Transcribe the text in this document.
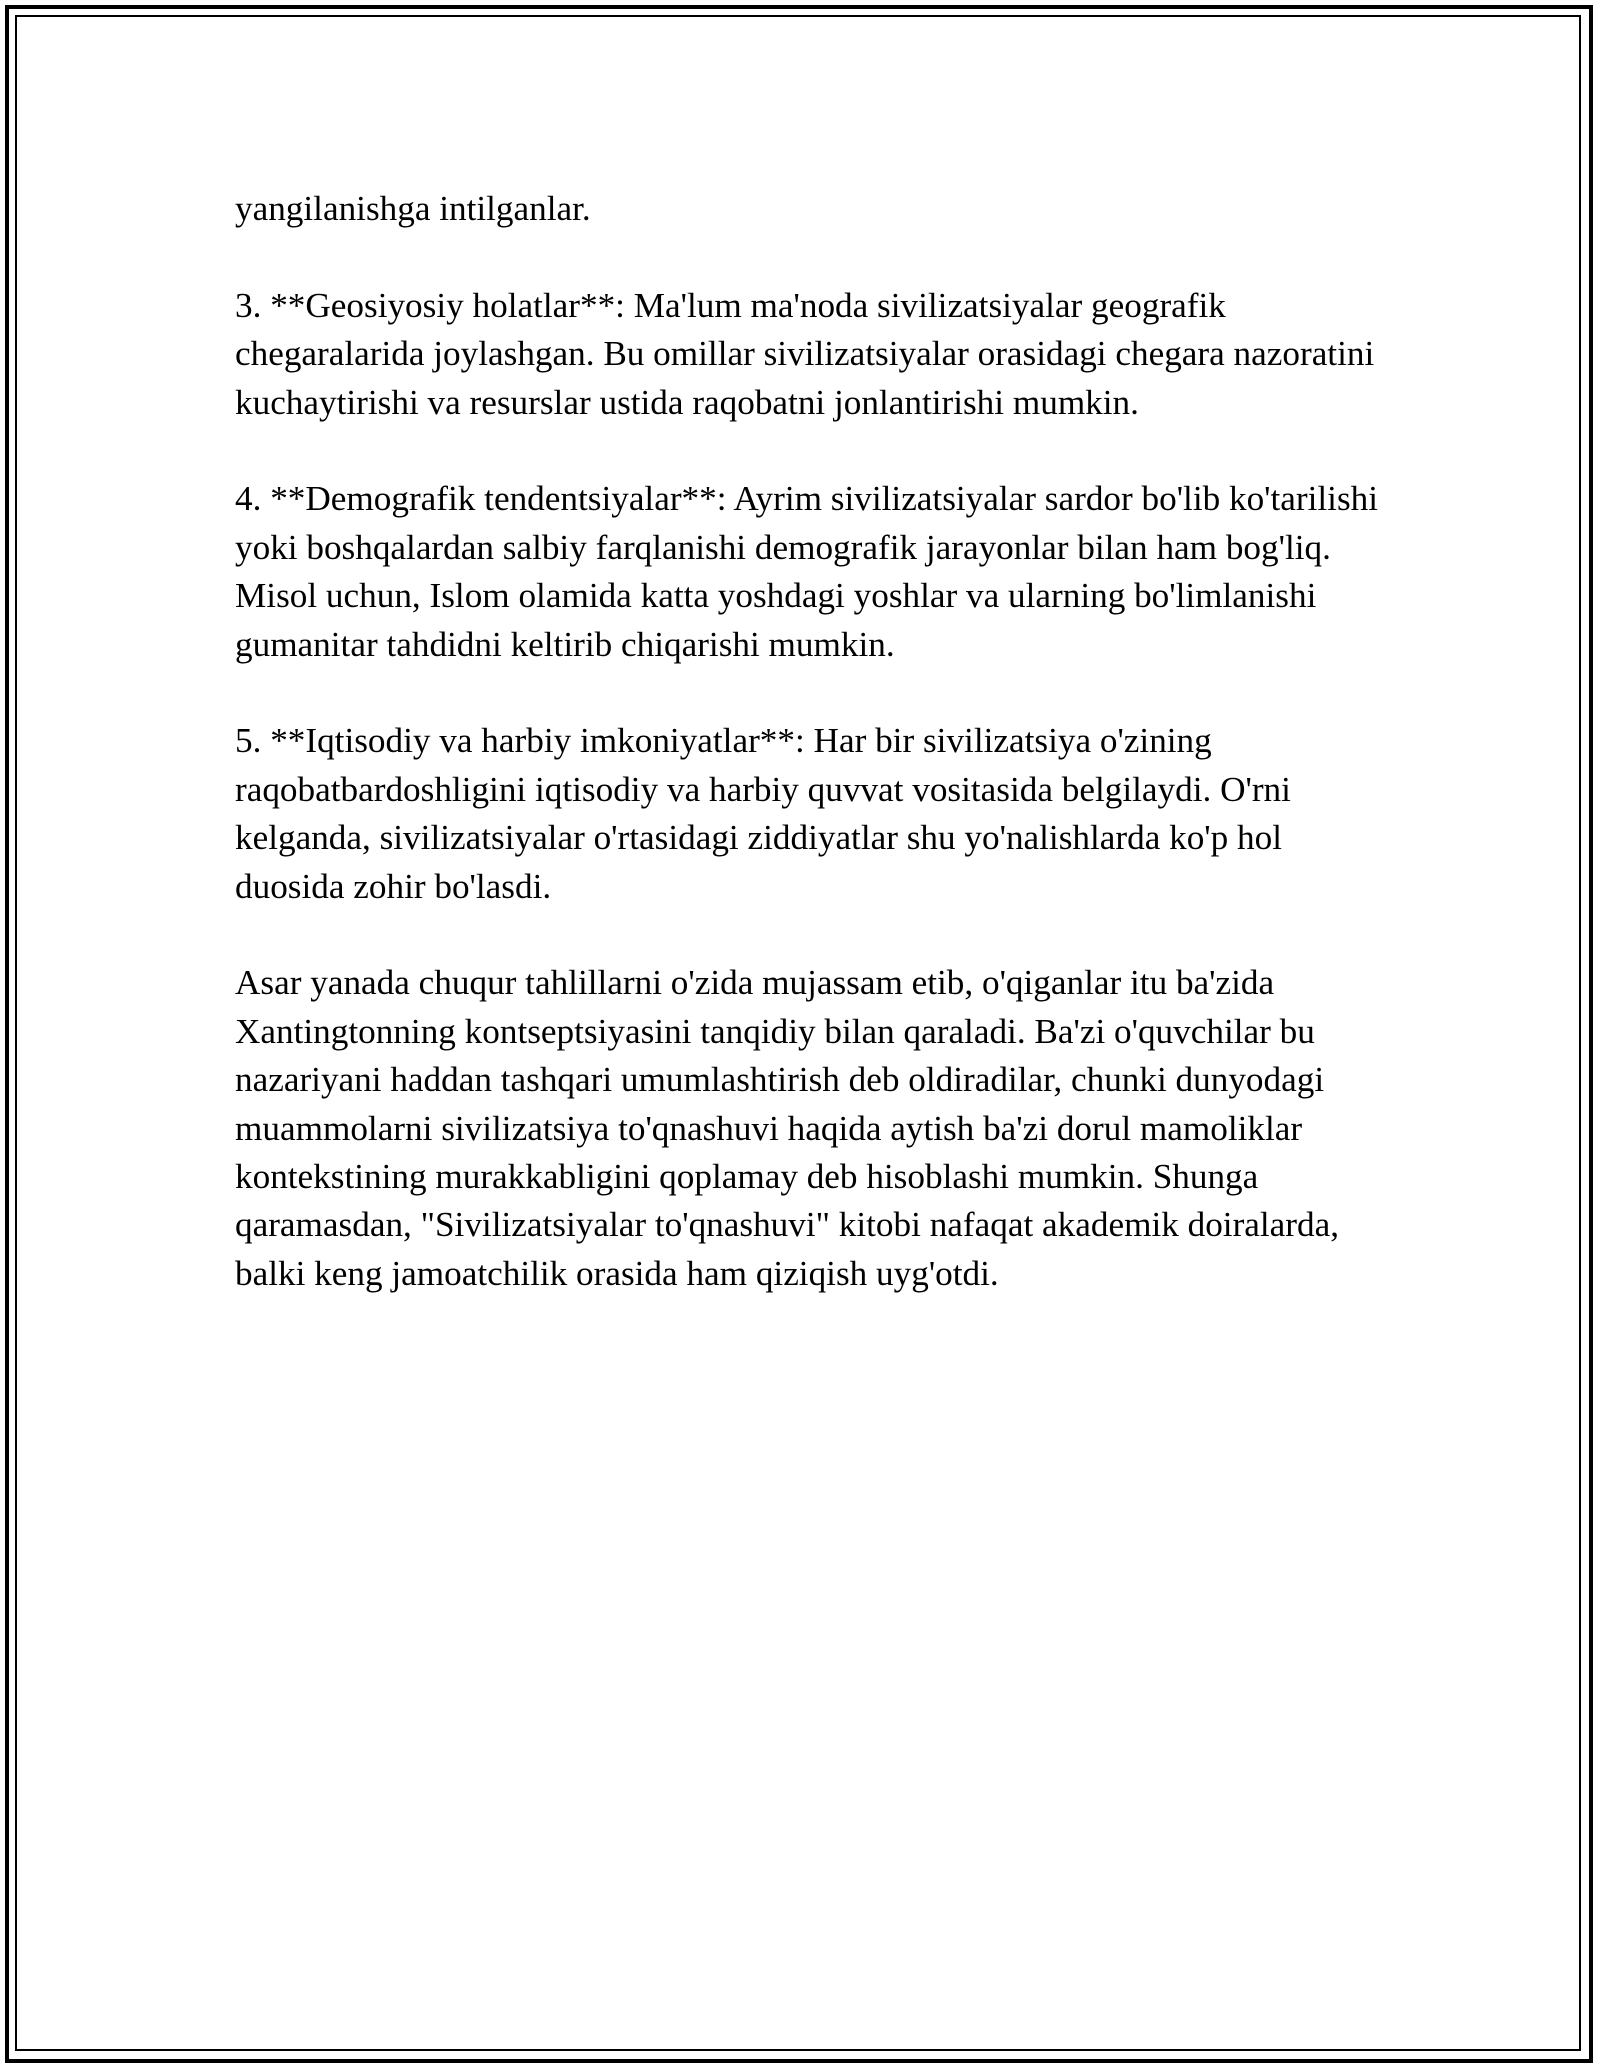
yangilanishga intilganlar.

3. **Geosiyosiy holatlar**: Ma'lum ma'noda sivilizatsiyalar geografik chegaralarida joylashgan. Bu omillar sivilizatsiyalar orasidagi chegara nazoratini kuchaytirishi va resurslar ustida raqobatni jonlantirishi mumkin.

4. **Demografik tendentsiyalar**: Ayrim sivilizatsiyalar sardor bo'lib ko'tarilishi yoki boshqalardan salbiy farqlanishi demografik jarayonlar bilan ham bog'liq. Misol uchun, Islom olamida katta yoshdagi yoshlar va ularning bo'limlanishi gumanitar tahdidni keltirib chiqarishi mumkin.

5. **Iqtisodiy va harbiy imkoniyatlar**: Har bir sivilizatsiya o'zining raqobatbardoshligini iqtisodiy va harbiy quvvat vositasida belgilaydi. O'rni kelganda, sivilizatsiyalar o'rtasidagi ziddiyatlar shu yo'nalishlarda ko'p hol duosida zohir bo'lasdi.

Asar yanada chuqur tahlillarni o'zida mujassam etib, o'qiganlar itu ba'zida Xantingtonning kontseptsiyasini tanqidiy bilan qaraladi. Ba'zi o'quvchilar bu nazariyani haddan tashqari umumlashtirish deb oldiradilar, chunki dunyodagi muammolarni sivilizatsiya to'qnashuvi haqida aytish ba'zi dorul mamoliklar kontekstining murakkabligini qoplamay deb hisoblashi mumkin. Shunga qaramasdan, "Sivilizatsiyalar to'qnashuvi" kitobi nafaqat akademik doiralarda, balki keng jamoatchilik orasida ham qiziqish uyg'otdi.
